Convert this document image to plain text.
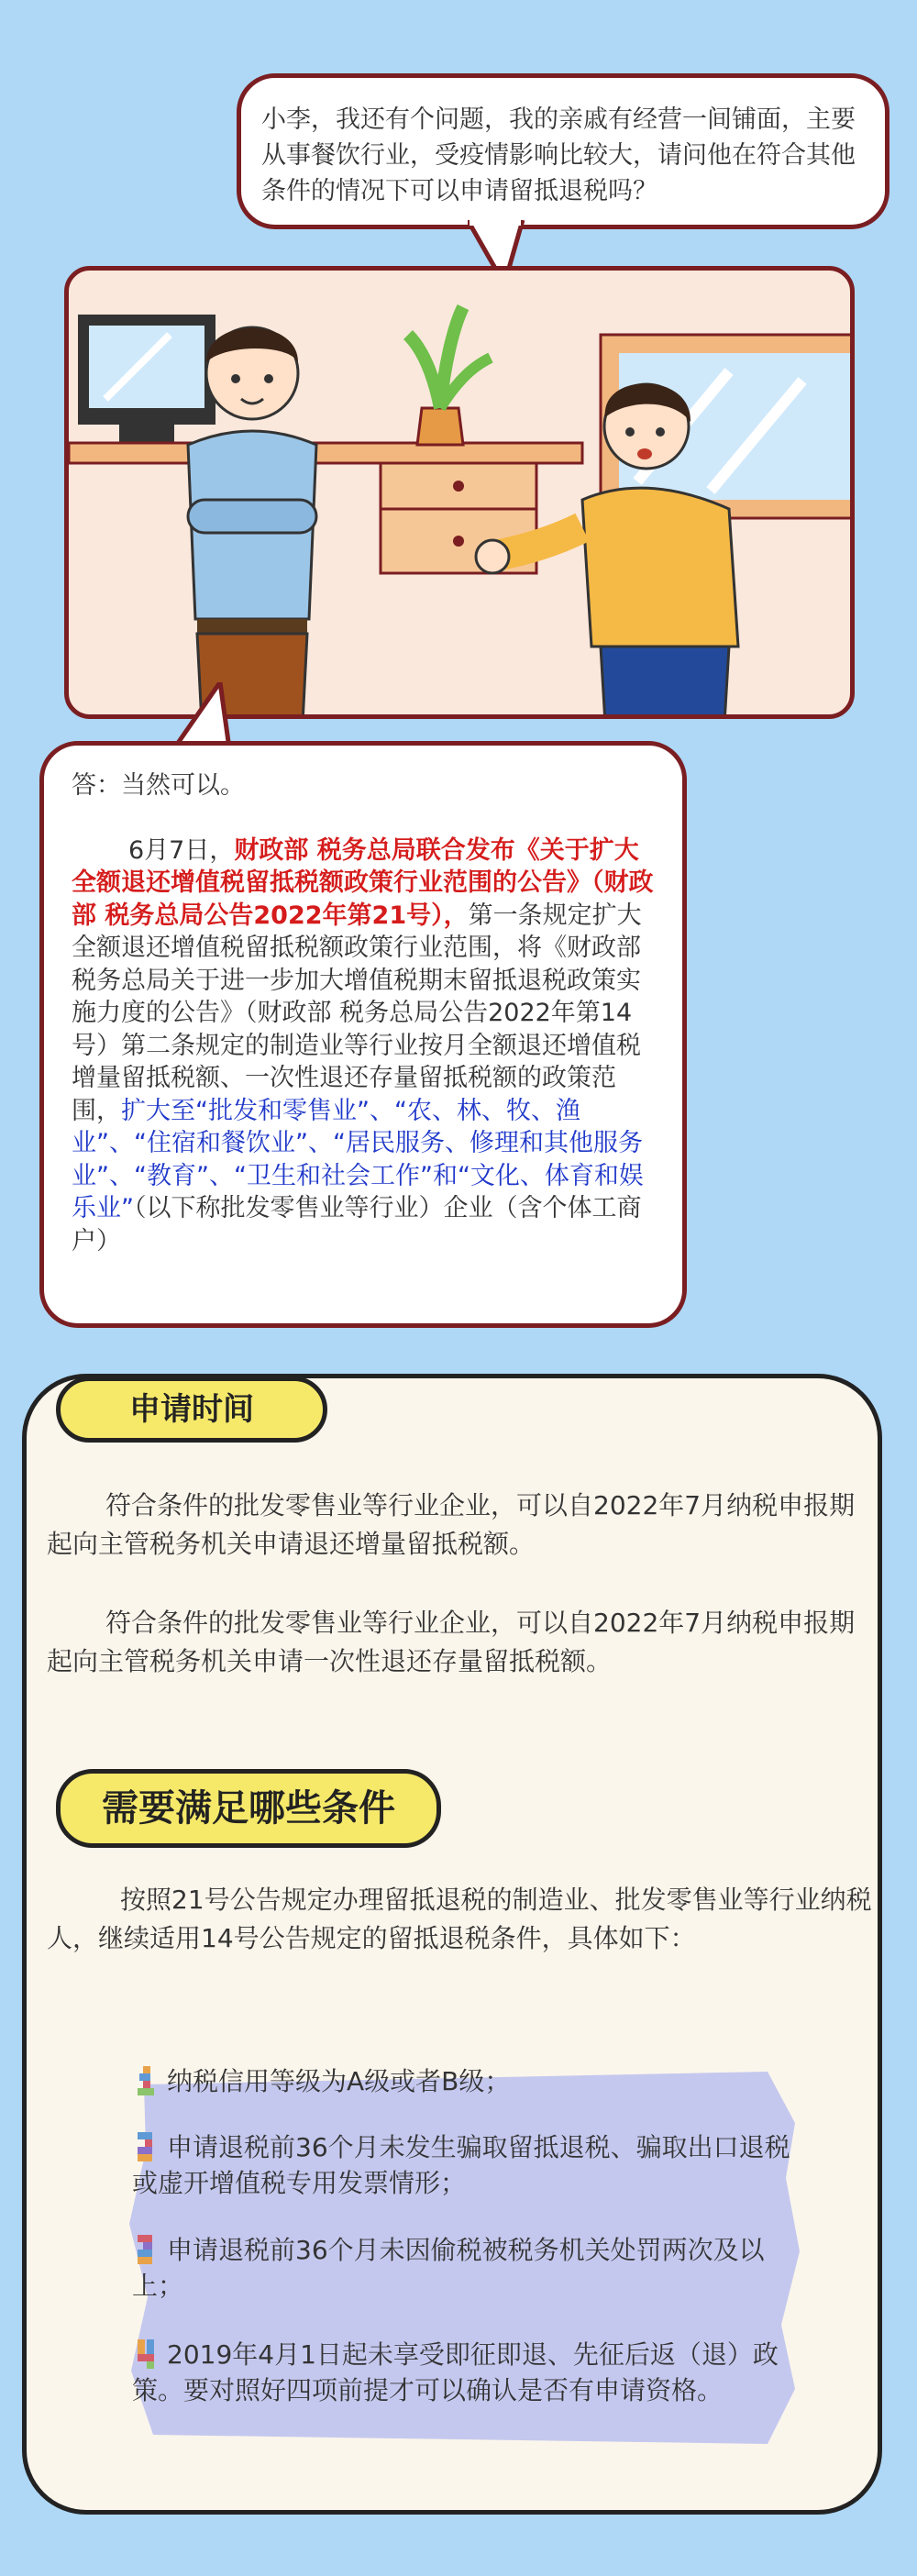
小李，我还有个问题，我的亲戚有经营一间铺面，主要从事餐饮行业，受疫情影响比较大，请问他在符合其他条件的情况下可以申请留抵退税吗？
答：当然可以。
6月7日，财政部 税务总局联合发布《关于扩大全额退还增值税留抵税额政策行业范围的公告》（财政部 税务总局公告2022年第21号），第一条规定扩大全额退还增值税留抵税额政策行业范围，将《财政部 税务总局关于进一步加大增值税期末留抵退税政策实施力度的公告》（财政部 税务总局公告2022年第14号）第二条规定的制造业等行业按月全额退还增值税增量留抵税额、一次性退还存量留抵税额的政策范围，扩大至“批发和零售业”、“农、林、牧、渔业”、“住宿和餐饮业”、“居民服务、修理和其他服务业”、“教育”、“卫生和社会工作”和“文化、体育和娱乐业”（以下称批发零售业等行业）企业（含个体工商户）
申请时间
符合条件的批发零售业等行业企业，可以自2022年7月纳税申报期起向主管税务机关申请退还增量留抵税额。
符合条件的批发零售业等行业企业，可以自2022年7月纳税申报期起向主管税务机关申请一次性退还存量留抵税额。
需要满足哪些条件
按照21号公告规定办理留抵退税的制造业、批发零售业等行业纳税人，继续适用14号公告规定的留抵退税条件，具体如下：
纳税信用等级为A级或者B级；
申请退税前36个月未发生骗取留抵退税、骗取出口退税或虚开增值税专用发票情形；
申请退税前36个月未因偷税被税务机关处罚两次及以上；
2019年4月1日起未享受即征即退、先征后返（退）政策。要对照好四项前提才可以确认是否有申请资格。
